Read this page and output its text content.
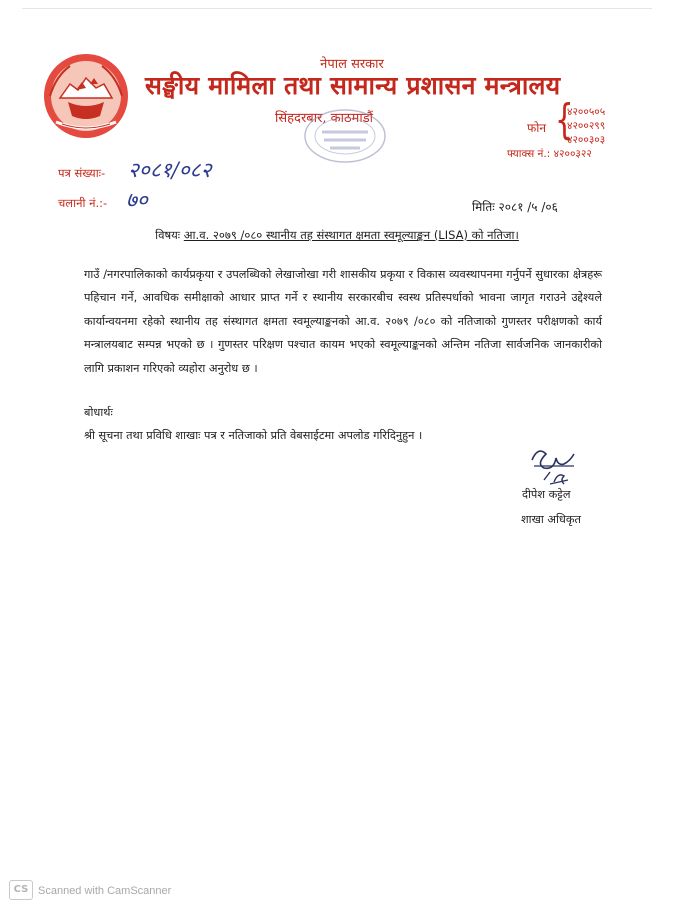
नेपाल सरकार
सङ्घीय मामिला तथा सामान्य प्रशासन मन्त्रालय
सिंहदरबार, काठमाडौं
फोन {
४२००५०५
४२००२९९
४२००३०३
फ्याक्स नं.: ४२००३२२
पत्र संख्याः- २०८१/०८२
चलानी नं.:- ७०	मितिः २०८१ /५ /०६
विषयः आ.व. २०७९ /०८० स्थानीय तह संस्थागत क्षमता स्वमूल्याङ्कन (LISA) को नतिजा।
गाउँ /नगरपालिकाको कार्यप्रकृया र उपलब्धिको लेखाजोखा गरी शासकीय प्रकृया र विकास व्यवस्थापनमा गर्नुपर्ने सुधारका क्षेत्रहरू पहिचान गर्ने, आवधिक समीक्षाको आधार प्राप्त गर्ने र स्थानीय सरकारबीच स्वस्थ प्रतिस्पर्धाको भावना जागृत गराउने उद्देश्यले कार्यान्वयनमा रहेको स्थानीय तह संस्थागत क्षमता स्वमूल्याङ्कनको आ.व. २०७९ /०८० को नतिजाको गुणस्तर परीक्षणको कार्य मन्त्रालयबाट सम्पन्न भएको छ । गुणस्तर परिक्षण पश्चात कायम भएको स्वमूल्याङ्कनको अन्तिम नतिजा सार्वजनिक जानकारीको लागि प्रकाशन गरिएको व्यहोरा अनुरोध छ ।
बोधार्थः
श्री सूचना तथा प्रविधि शाखाः पत्र र नतिजाको प्रति वेबसाईटमा अपलोड गरिदिनुहुन ।
दीपेश कट्टेल
शाखा अधिकृत
CS Scanned with CamScanner
